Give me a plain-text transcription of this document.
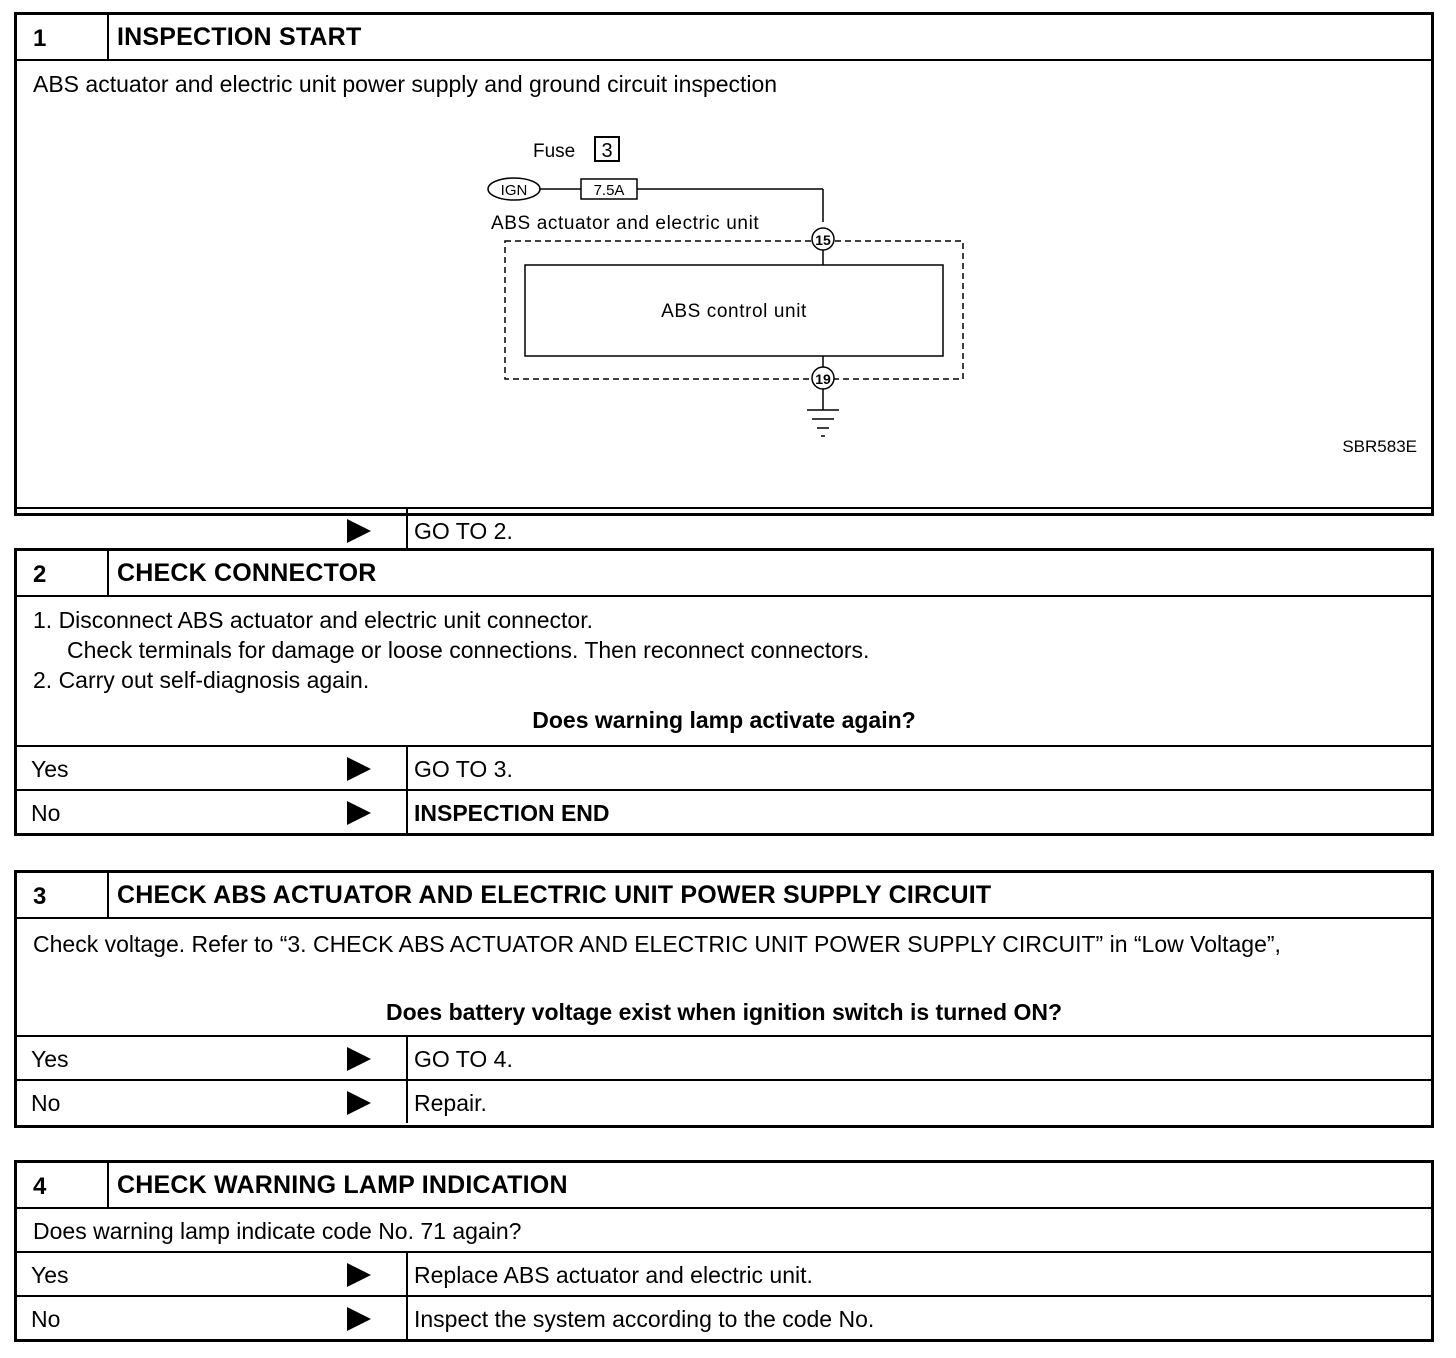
1	INSPECTION START
ABS actuator and electric unit power supply and ground circuit inspection
Fuse 3
IGN	7.5A
ABS actuator and electric unit
15
ABS control unit
19
SBR583E
GO TO 2.
2	CHECK CONNECTOR
1. Disconnect ABS actuator and electric unit connector.
Check terminals for damage or loose connections. Then reconnect connectors.
2. Carry out self-diagnosis again.
Does warning lamp activate again?
Yes	GO TO 3.
No	INSPECTION END
3	CHECK ABS ACTUATOR AND ELECTRIC UNIT POWER SUPPLY CIRCUIT
Check voltage. Refer to “3. CHECK ABS ACTUATOR AND ELECTRIC UNIT POWER SUPPLY CIRCUIT” in “Low Voltage”,
Does battery voltage exist when ignition switch is turned ON?
Yes	GO TO 4.
No	Repair.
4	CHECK WARNING LAMP INDICATION
Does warning lamp indicate code No. 71 again?
Yes	Replace ABS actuator and electric unit.
No	Inspect the system according to the code No.
